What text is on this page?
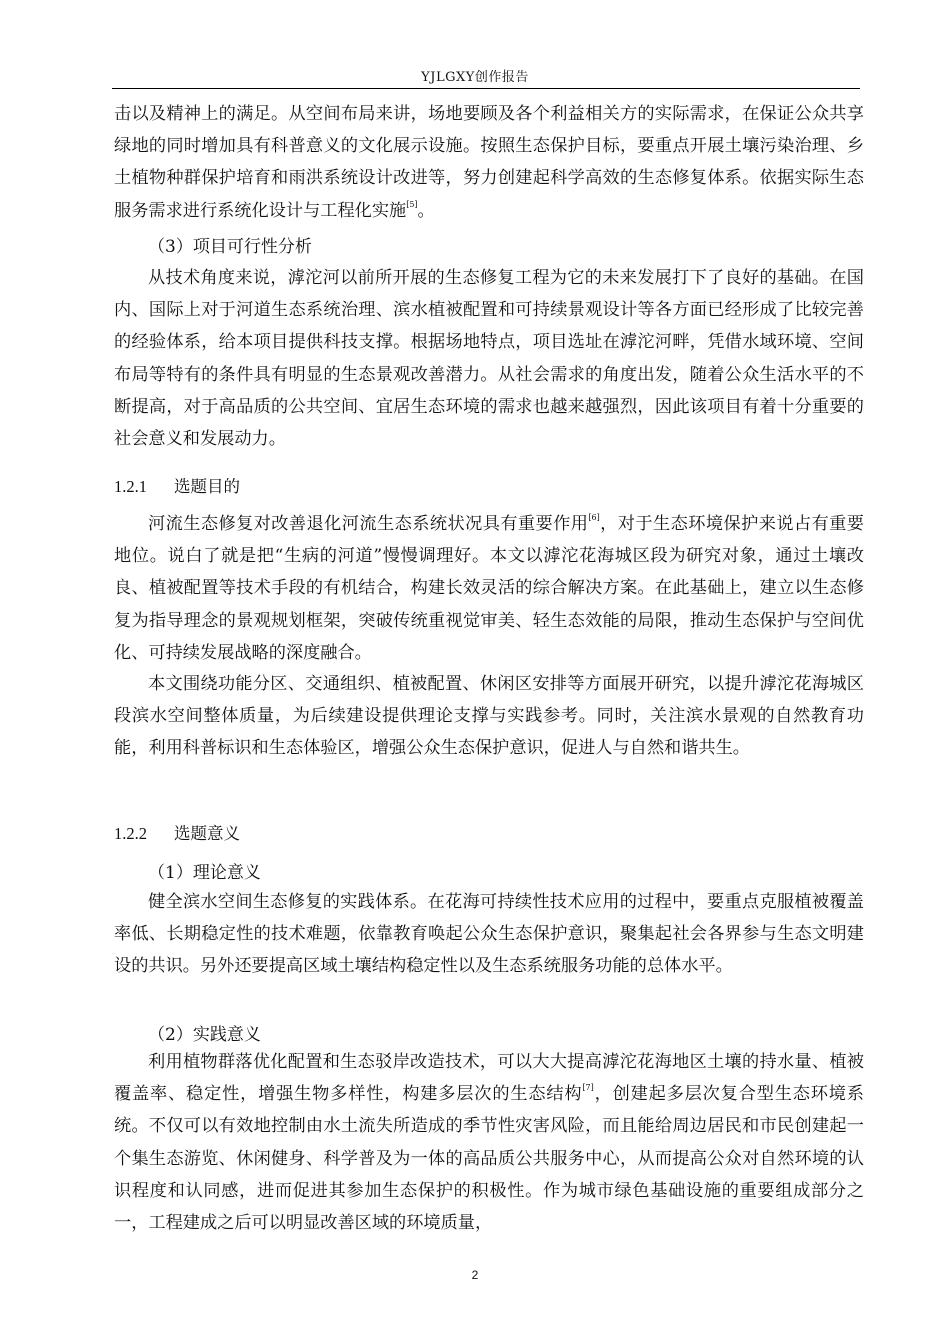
YJLGXY创作报告
击以及精神上的满足。从空间布局来讲，场地要顾及各个利益相关方的实际需求，在保证公众共享绿地的同时增加具有科普意义的文化展示设施。按照生态保护目标，要重点开展土壤污染治理、乡土植物种群保护培育和雨洪系统设计改进等，努力创建起科学高效的生态修复体系。依据实际生态服务需求进行系统化设计与工程化实施[5]。
（3）项目可行性分析
从技术角度来说，滹沱河以前所开展的生态修复工程为它的未来发展打下了良好的基础。在国内、国际上对于河道生态系统治理、滨水植被配置和可持续景观设计等各方面已经形成了比较完善的经验体系，给本项目提供科技支撑。根据场地特点，项目选址在滹沱河畔，凭借水域环境、空间布局等特有的条件具有明显的生态景观改善潜力。从社会需求的角度出发，随着公众生活水平的不断提高，对于高品质的公共空间、宜居生态环境的需求也越来越强烈，因此该项目有着十分重要的社会意义和发展动力。
1.2.1 选题目的
河流生态修复对改善退化河流生态系统状况具有重要作用[6]，对于生态环境保护来说占有重要地位。说白了就是把“生病的河道”慢慢调理好。本文以滹沱花海城区段为研究对象，通过土壤改良、植被配置等技术手段的有机结合，构建长效灵活的综合解决方案。在此基础上，建立以生态修复为指导理念的景观规划框架，突破传统重视觉审美、轻生态效能的局限，推动生态保护与空间优化、可持续发展战略的深度融合。
本文围绕功能分区、交通组织、植被配置、休闲区安排等方面展开研究，以提升滹沱花海城区段滨水空间整体质量，为后续建设提供理论支撑与实践参考。同时，关注滨水景观的自然教育功能，利用科普标识和生态体验区，增强公众生态保护意识，促进人与自然和谐共生。
1.2.2 选题意义
（1）理论意义
健全滨水空间生态修复的实践体系。在花海可持续性技术应用的过程中，要重点克服植被覆盖率低、长期稳定性的技术难题，依靠教育唤起公众生态保护意识，聚集起社会各界参与生态文明建设的共识。另外还要提高区域土壤结构稳定性以及生态系统服务功能的总体水平。
（2）实践意义
利用植物群落优化配置和生态驳岸改造技术，可以大大提高滹沱花海地区土壤的持水量、植被覆盖率、稳定性，增强生物多样性，构建多层次的生态结构[7]，创建起多层次复合型生态环境系统。不仅可以有效地控制由水土流失所造成的季节性灾害风险，而且能给周边居民和市民创建起一个集生态游览、休闲健身、科学普及为一体的高品质公共服务中心，从而提高公众对自然环境的认识程度和认同感，进而促进其参加生态保护的积极性。作为城市绿色基础设施的重要组成部分之一，工程建成之后可以明显改善区域的环境质量，
2
